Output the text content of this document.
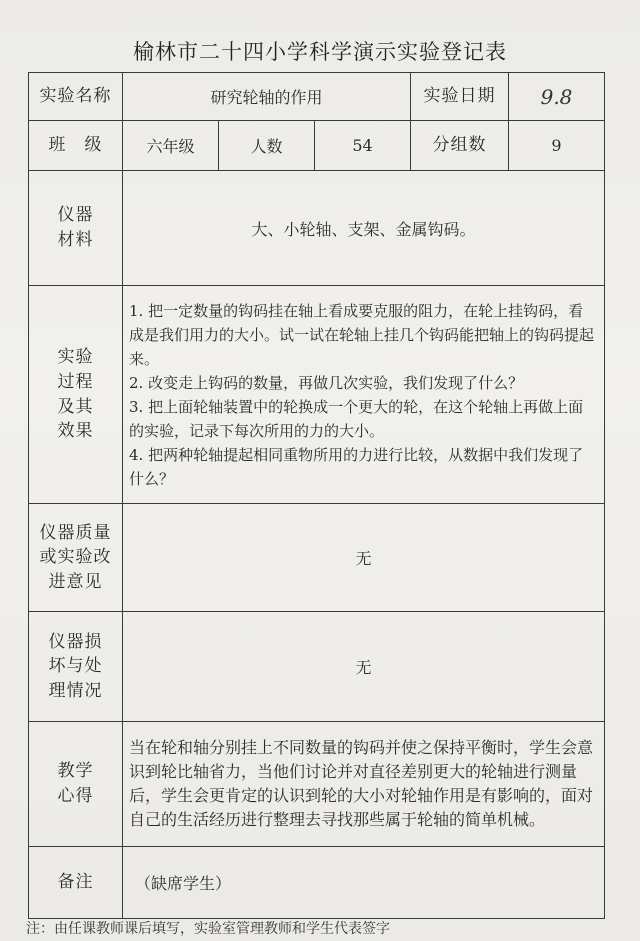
榆林市二十四小学科学演示实验登记表
实验名称	研究轮轴的作用			实验日期	9.8
班　级	六年级	人数	54	分组数	9
仪器材料	大、小轮轴、支架、金属钩码。				
实验过程及其效果	1. 把一定数量的钩码挂在轴上看成要克服的阻力，在轮上挂钩码，看成是我们用力的大小。试一试在轮轴上挂几个钩码能把轴上的钩码提起来。
2. 改变走上钩码的数量，再做几次实验，我们发现了什么？
3. 把上面轮轴装置中的轮换成一个更大的轮，在这个轮轴上再做上面的实验，记录下每次所用的力的大小。
4. 把两种轮轴提起相同重物所用的力进行比较，从数据中我们发现了什么？				

仪器质量或实验改进意见	无				
仪器损坏与处理情况	无				
教学心得	当在轮和轴分别挂上不同数量的钩码并使之保持平衡时，学生会意识到轮比轴省力，当他们讨论并对直径差别更大的轮轴进行测量后，学生会更肯定的认识到轮的大小对轮轴作用是有影响的，面对自己的生活经历进行整理去寻找那些属于轮轴的简单机械。				
备注	（缺席学生）				
注：由任课教师课后填写，实验室管理教师和学生代表签字
